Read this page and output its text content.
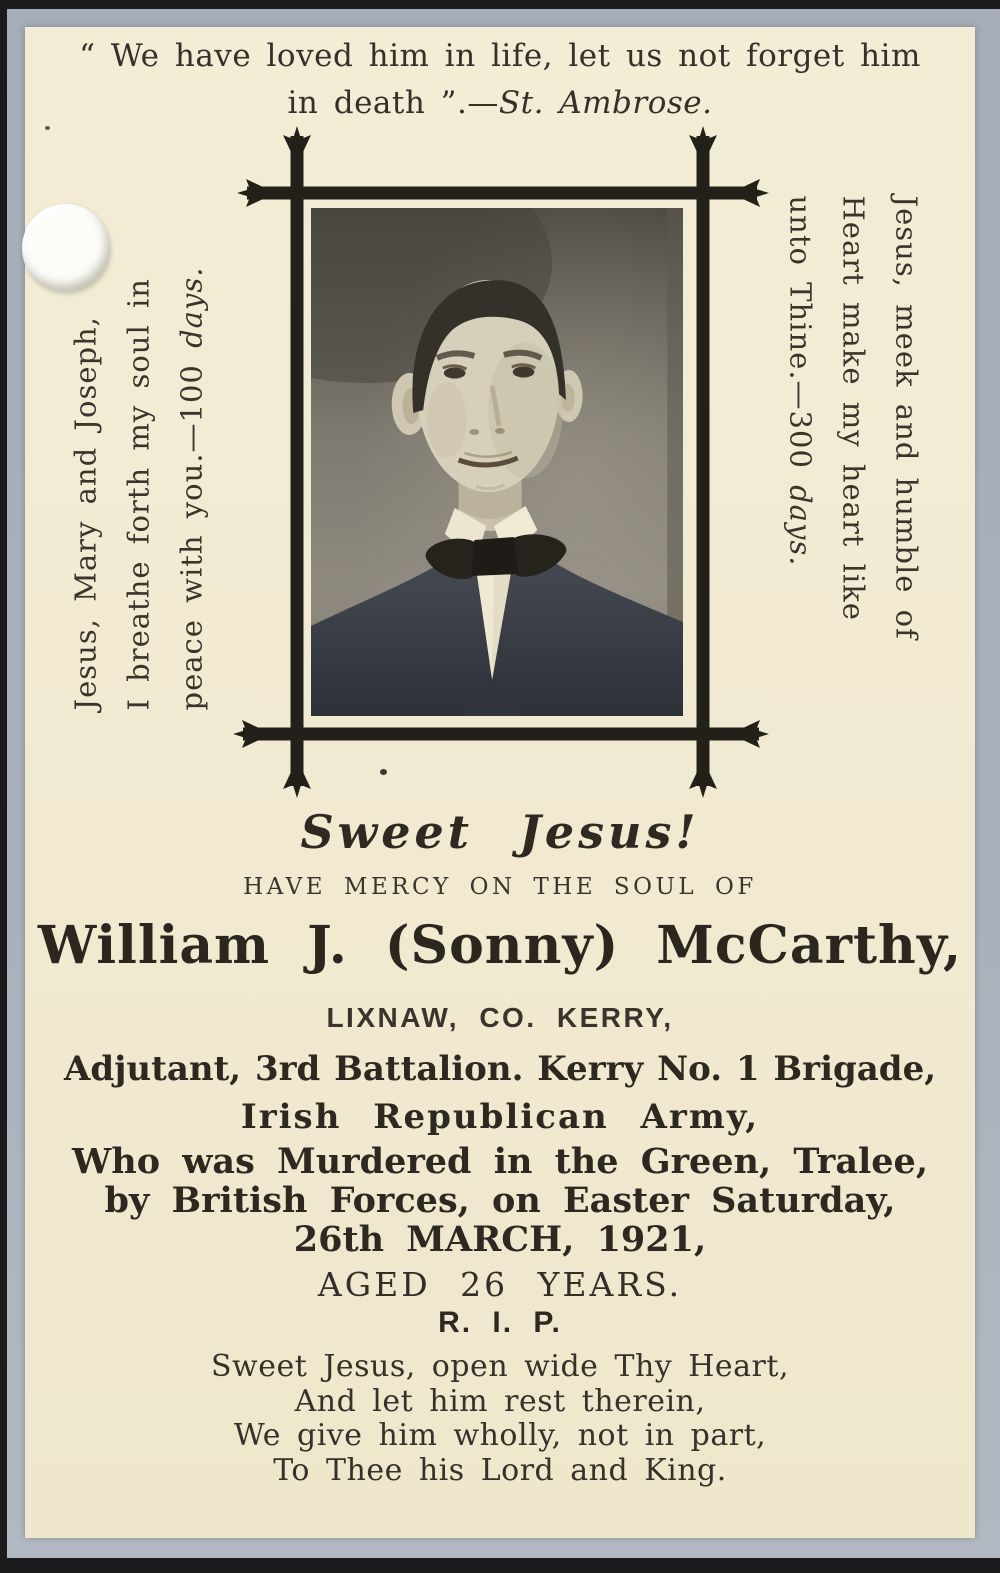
“ We have loved him in life, let us not forget him
in death ”.—St. Ambrose.

Jesus, Mary and Joseph, I breathe forth my soul in peace with you.—100 days.	Jesus, meek and humble of

Heart make my heart like

unto Thine.—300 days.

Sweet Jesus!
HAVE MERCY ON THE SOUL OF
William J. (Sonny) McCarthy,
LIXNAW, CO. KERRY,
Adjutant, 3rd Battalion. Kerry No. 1 Brigade,
Irish Republican Army,
Who was Murdered in the Green, Tralee,
by British Forces, on Easter Saturday,
26th MARCH, 1921,
AGED 26 YEARS.
R. I. P.

Sweet Jesus, open wide Thy Heart,

And let him rest therein,

We give him wholly, not in part,

To Thee his Lord and King.
